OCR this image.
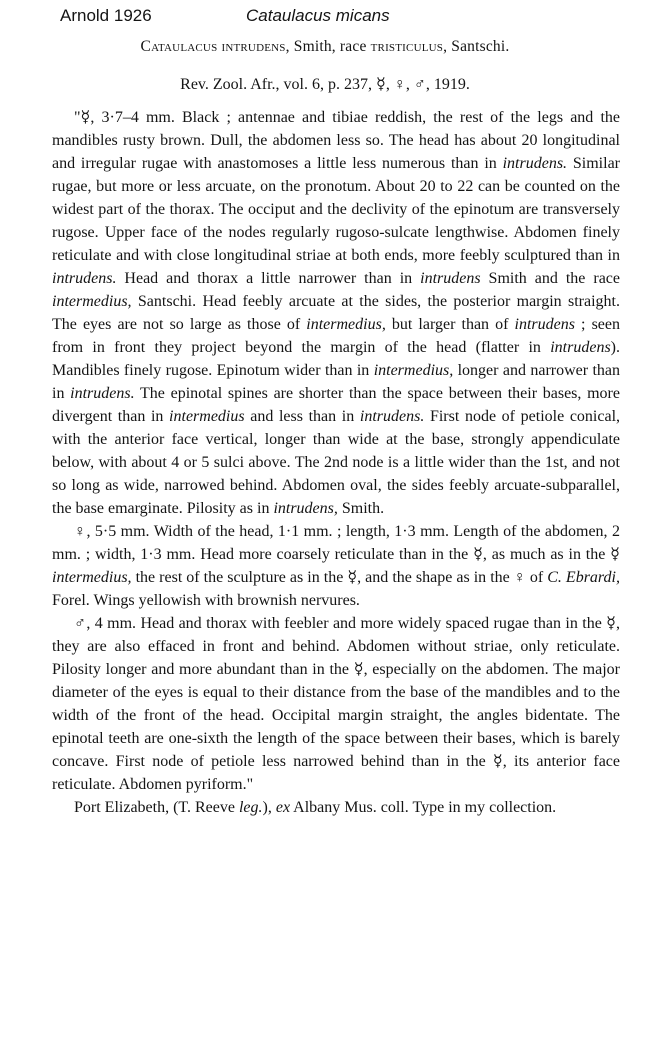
Arnold 1926	Cataulacus micans
Cataulacus intrudens, Smith, race tristiculus, Santschi.
Rev. Zool. Afr., vol. 6, p. 237, ☿, ♀, ♂, 1919.

"☿, 3·7–4 mm. Black ; antennae and tibiae reddish, the rest of the legs and the mandibles rusty brown. Dull, the abdomen less so. The head has about 20 longitudinal and irregular rugae with anastomoses a little less numerous than in intrudens. Similar rugae, but more or less arcuate, on the pronotum. About 20 to 22 can be counted on the widest part of the thorax. The occiput and the declivity of the epinotum are transversely rugose. Upper face of the nodes regularly rugoso-sulcate lengthwise. Abdomen finely reticulate and with close longitudinal striae at both ends, more feebly sculptured than in intrudens. Head and thorax a little narrower than in intrudens Smith and the race intermedius, Santschi. Head feebly arcuate at the sides, the posterior margin straight. The eyes are not so large as those of intermedius, but larger than of intrudens ; seen from in front they project beyond the margin of the head (flatter in intrudens). Mandibles finely rugose. Epinotum wider than in intermedius, longer and narrower than in intrudens. The epinotal spines are shorter than the space between their bases, more divergent than in intermedius and less than in intrudens. First node of petiole conical, with the anterior face vertical, longer than wide at the base, strongly appendiculate below, with about 4 or 5 sulci above. The 2nd node is a little wider than the 1st, and not so long as wide, narrowed behind. Abdomen oval, the sides feebly arcuate-subparallel, the base emarginate. Pilosity as in intrudens, Smith.

♀, 5·5 mm. Width of the head, 1·1 mm. ; length, 1·3 mm. Length of the abdomen, 2 mm. ; width, 1·3 mm. Head more coarsely reticulate than in the ☿, as much as in the ☿ intermedius, the rest of the sculpture as in the ☿, and the shape as in the ♀ of C. Ebrardi, Forel. Wings yellowish with brownish nervures.

♂, 4 mm. Head and thorax with feebler and more widely spaced rugae than in the ☿, they are also effaced in front and behind. Abdomen without striae, only reticulate. Pilosity longer and more abundant than in the ☿, especially on the abdomen. The major diameter of the eyes is equal to their distance from the base of the mandibles and to the width of the front of the head. Occipital margin straight, the angles bidentate. The epinotal teeth are one-sixth the length of the space between their bases, which is barely concave. First node of petiole less narrowed behind than in the ☿, its anterior face reticulate. Abdomen pyriform."

Port Elizabeth, (T. Reeve leg.), ex Albany Mus. coll. Type in my collection.
